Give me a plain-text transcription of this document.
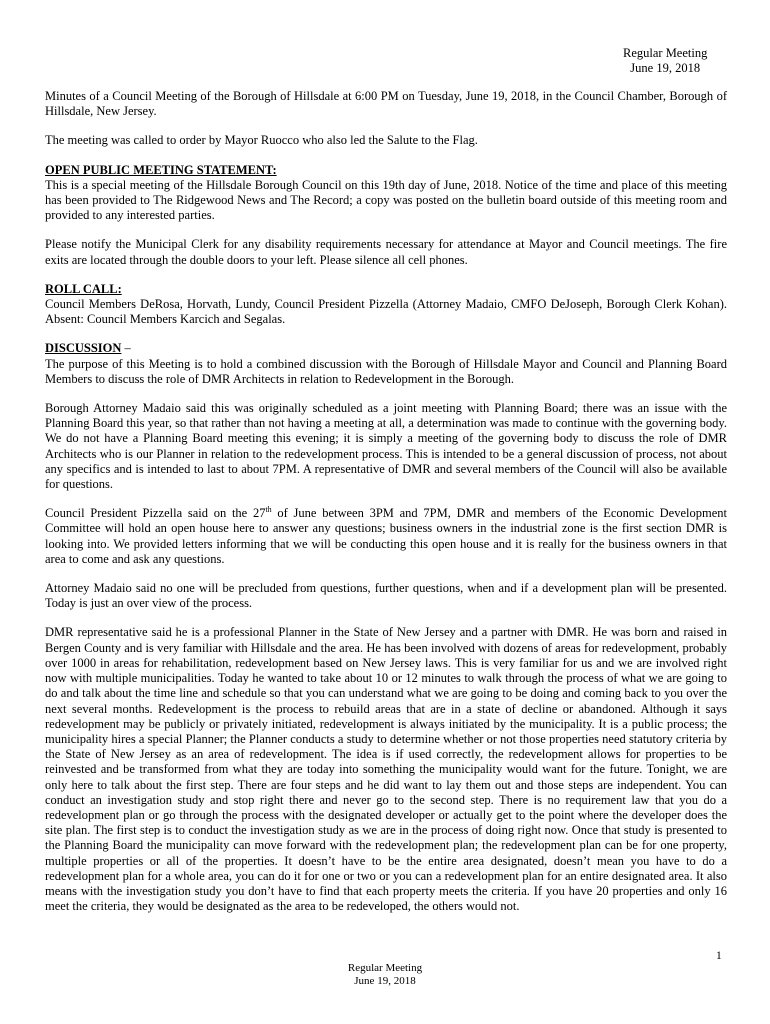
Regular Meeting
June 19, 2018

Minutes of a Council Meeting of the Borough of Hillsdale at 6:00 PM on Tuesday, June 19, 2018, in the Council Chamber, Borough of Hillsdale, New Jersey.

The meeting was called to order by Mayor Ruocco who also led the Salute to the Flag.

OPEN PUBLIC MEETING STATEMENT:

This is a special meeting of the Hillsdale Borough Council on this 19th day of June, 2018. Notice of the time and place of this meeting has been provided to The Ridgewood News and The Record; a copy was posted on the bulletin board outside of this meeting room and provided to any interested parties.

Please notify the Municipal Clerk for any disability requirements necessary for attendance at Mayor and Council meetings. The fire exits are located through the double doors to your left. Please silence all cell phones.

ROLL CALL:

Council Members DeRosa, Horvath, Lundy, Council President Pizzella (Attorney Madaio, CMFO DeJoseph, Borough Clerk Kohan). Absent: Council Members Karcich and Segalas.

DISCUSSION –

The purpose of this Meeting is to hold a combined discussion with the Borough of Hillsdale Mayor and Council and Planning Board Members to discuss the role of DMR Architects in relation to Redevelopment in the Borough.

Borough Attorney Madaio said this was originally scheduled as a joint meeting with Planning Board; there was an issue with the Planning Board this year, so that rather than not having a meeting at all, a determination was made to continue with the governing body. We do not have a Planning Board meeting this evening; it is simply a meeting of the governing body to discuss the role of DMR Architects who is our Planner in relation to the redevelopment process. This is intended to be a general discussion of process, not about any specifics and is intended to last to about 7PM. A representative of DMR and several members of the Council will also be available for questions.

Council President Pizzella said on the 27th of June between 3PM and 7PM, DMR and members of the Economic Development Committee will hold an open house here to answer any questions; business owners in the industrial zone is the first section DMR is looking into. We provided letters informing that we will be conducting this open house and it is really for the business owners in that area to come and ask any questions.

Attorney Madaio said no one will be precluded from questions, further questions, when and if a development plan will be presented. Today is just an over view of the process.

DMR representative said he is a professional Planner in the State of New Jersey and a partner with DMR. He was born and raised in Bergen County and is very familiar with Hillsdale and the area. He has been involved with dozens of areas for redevelopment, probably over 1000 in areas for rehabilitation, redevelopment based on New Jersey laws. This is very familiar for us and we are involved right now with multiple municipalities. Today he wanted to take about 10 or 12 minutes to walk through the process of what we are going to do and talk about the time line and schedule so that you can understand what we are going to be doing and coming back to you over the next several months. Redevelopment is the process to rebuild areas that are in a state of decline or abandoned. Although it says redevelopment may be publicly or privately initiated, redevelopment is always initiated by the municipality. It is a public process; the municipality hires a special Planner; the Planner conducts a study to determine whether or not those properties need statutory criteria by the State of New Jersey as an area of redevelopment. The idea is if used correctly, the redevelopment allows for properties to be reinvested and be transformed from what they are today into something the municipality would want for the future. Tonight, we are only here to talk about the first step. There are four steps and he did want to lay them out and those steps are independent. You can conduct an investigation study and stop right there and never go to the second step. There is no requirement law that you do a redevelopment plan or go through the process with the designated developer or actually get to the point where the developer does the site plan. The first step is to conduct the investigation study as we are in the process of doing right now. Once that study is presented to the Planning Board the municipality can move forward with the redevelopment plan; the redevelopment plan can be for one property, multiple properties or all of the properties. It doesn’t have to be the entire area designated, doesn’t mean you have to do a redevelopment plan for a whole area, you can do it for one or two or you can a redevelopment plan for an entire designated area. It also means with the investigation study you don’t have to find that each property meets the criteria. If you have 20 properties and only 16 meet the criteria, they would be designated as the area to be redeveloped, the others would not.

1
Regular Meeting
June 19, 2018
